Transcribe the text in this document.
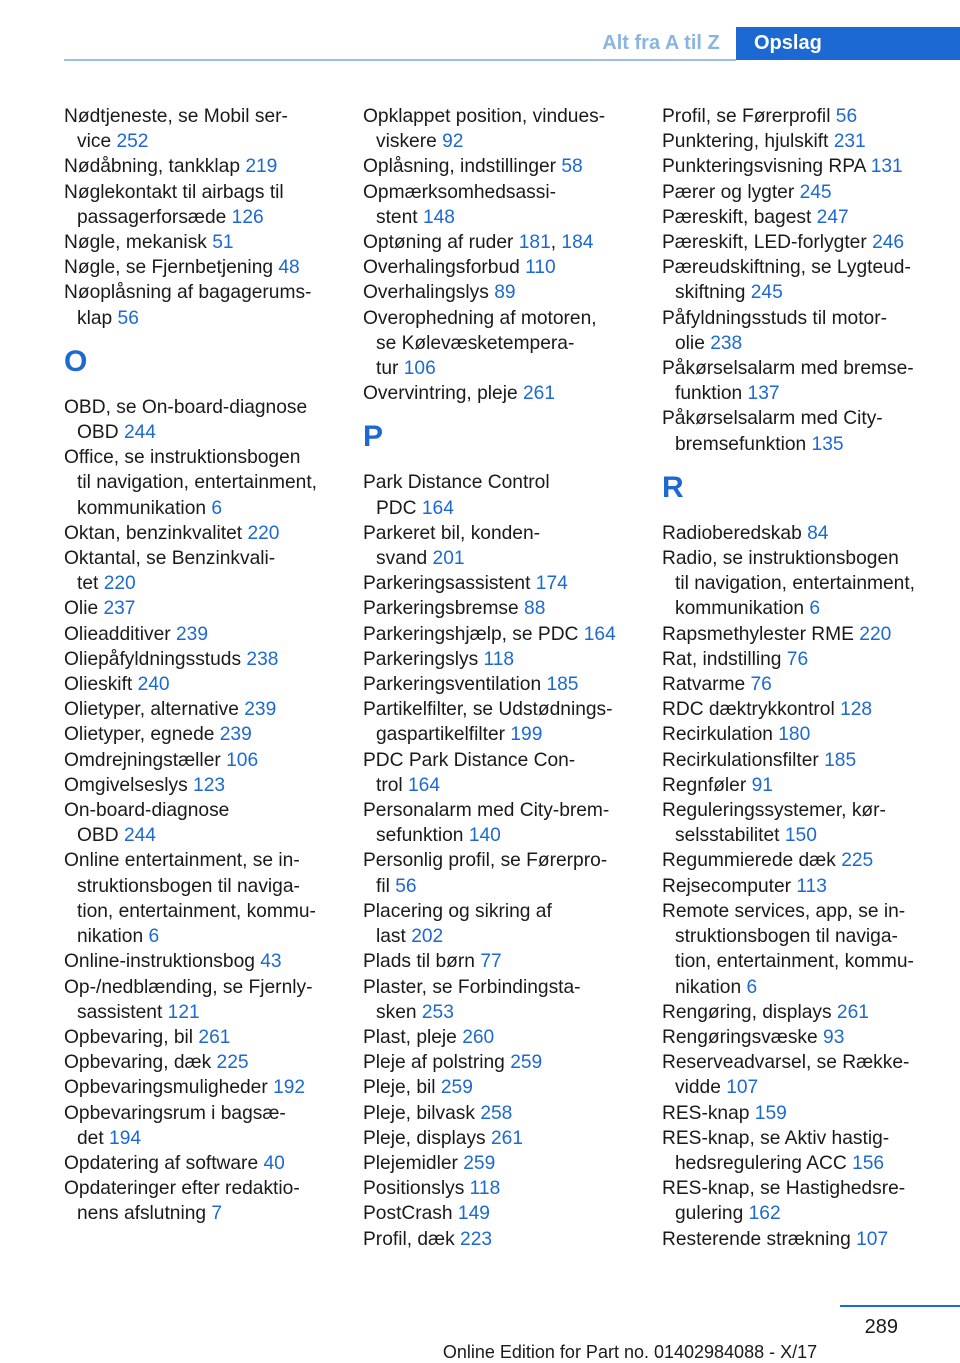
Alt fra A til Z	Opslag
Nødtjeneste, se Mobil ser-
vice 252
Nødåbning, tankklap 219
Nøglekontakt til airbags til
passagerforsæde 126
Nøgle, mekanisk 51
Nøgle, se Fjernbetjening 48
Nøoplåsning af bagagerums-
klap 56
O
OBD, se On-board-diagnose
OBD 244
Office, se instruktionsbogen
til navigation, entertainment,
kommunikation 6
Oktan, benzinkvalitet 220
Oktantal, se Benzinkvali-
tet 220
Olie 237
Olieadditiver 239
Oliepåfyldningsstuds 238
Olieskift 240
Olietyper, alternative 239
Olietyper, egnede 239
Omdrejningstæller 106
Omgivelseslys 123
On-board-diagnose
OBD 244
Online entertainment, se in-
struktionsbogen til naviga-
tion, entertainment, kommu-
nikation 6
Online-instruktionsbog 43
Op-/nedblænding, se Fjernly-
sassistent 121
Opbevaring, bil 261
Opbevaring, dæk 225
Opbevaringsmuligheder 192
Opbevaringsrum i bagsæ-
det 194
Opdatering af software 40
Opdateringer efter redaktio-
nens afslutning 7
Opklappet position, vindues-
viskere 92
Oplåsning, indstillinger 58
Opmærksomhedsassi-
stent 148
Optøning af ruder 181, 184
Overhalingsforbud 110
Overhalingslys 89
Overophedning af motoren,
se Kølevæsketempera-
tur 106
Overvintring, pleje 261
P
Park Distance Control
PDC 164
Parkeret bil, konden-
svand 201
Parkeringsassistent 174
Parkeringsbremse 88
Parkeringshjælp, se PDC 164
Parkeringslys 118
Parkeringsventilation 185
Partikelfilter, se Udstødnings-
gaspartikelfilter 199
PDC Park Distance Con-
trol 164
Personalarm med City-brem-
sefunktion 140
Personlig profil, se Førerpro-
fil 56
Placering og sikring af
last 202
Plads til børn 77
Plaster, se Forbindingsta-
sken 253
Plast, pleje 260
Pleje af polstring 259
Pleje, bil 259
Pleje, bilvask 258
Pleje, displays 261
Plejemidler 259
Positionslys 118
PostCrash 149
Profil, dæk 223
Profil, se Førerprofil 56
Punktering, hjulskift 231
Punkteringsvisning RPA 131
Pærer og lygter 245
Pæreskift, bagest 247
Pæreskift, LED-forlygter 246
Pæreudskiftning, se Lygteud-
skiftning 245
Påfyldningsstuds til motor-
olie 238
Påkørselsalarm med bremse-
funktion 137
Påkørselsalarm med City-
bremsefunktion 135
R
Radioberedskab 84
Radio, se instruktionsbogen
til navigation, entertainment,
kommunikation 6
Rapsmethylester RME 220
Rat, indstilling 76
Ratvarme 76
RDC dæktrykkontrol 128
Recirkulation 180
Recirkulationsfilter 185
Regnføler 91
Reguleringssystemer, kør-
selsstabilitet 150
Regummierede dæk 225
Rejsecomputer 113
Remote services, app, se in-
struktionsbogen til naviga-
tion, entertainment, kommu-
nikation 6
Rengøring, displays 261
Rengøringsvæske 93
Reserveadvarsel, se Række-
vidde 107
RES-knap 159
RES-knap, se Aktiv hastig-
hedsregulering ACC 156
RES-knap, se Hastighedsre-
gulering 162
Resterende strækning 107
289
Online Edition for Part no. 01402984088 - X/17
